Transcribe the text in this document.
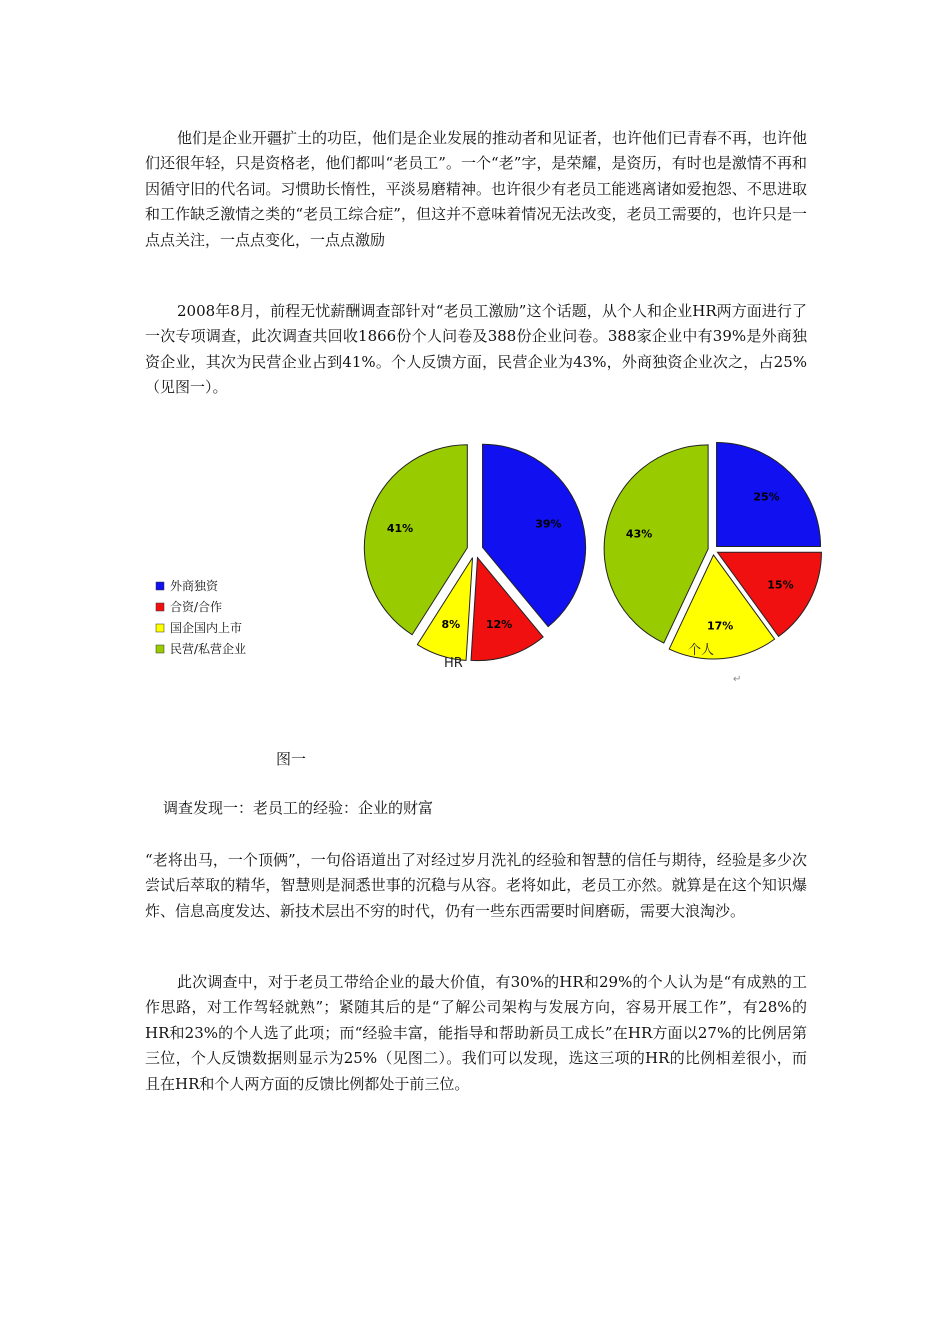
他们是企业开疆扩土的功臣，他们是企业发展的推动者和见证者，也许他们已青春不再，也许他们还很年轻，只是资格老，他们都叫“老员工”。一个“老”字，是荣耀，是资历，有时也是激情不再和因循守旧的代名词。习惯助长惰性，平淡易磨精神。也许很少有老员工能逃离诸如爱抱怨、不思进取和工作缺乏激情之类的“老员工综合症”，但这并不意味着情况无法改变，老员工需要的，也许只是一点点关注，一点点变化，一点点激励

2008年8月，前程无忧薪酬调查部针对“老员工激励”这个话题，从个人和企业HR两方面进行了一次专项调查，此次调查共回收1866份个人问卷及388份企业问卷。388家企业中有39%是外商独资企业，其次为民营企业占到41%。个人反馈方面，民营企业为43%，外商独资企业次之，占25%（见图一）。

39%
12%
8%
41%
25%
15%
17%
43%
外商独资
合资/合作
国企国内上市
民营/私营企业
HR
个人
↵

图一

调查发现一：老员工的经验：企业的财富

“老将出马，一个顶俩”，一句俗语道出了对经过岁月洗礼的经验和智慧的信任与期待，经验是多少次尝试后萃取的精华，智慧则是洞悉世事的沉稳与从容。老将如此，老员工亦然。就算是在这个知识爆炸、信息高度发达、新技术层出不穷的时代，仍有一些东西需要时间磨砺，需要大浪淘沙。

此次调查中，对于老员工带给企业的最大价值，有30%的HR和29%的个人认为是“有成熟的工作思路，对工作驾轻就熟”；紧随其后的是“了解公司架构与发展方向，容易开展工作”，有28%的HR和23%的个人选了此项；而“经验丰富，能指导和帮助新员工成长”在HR方面以27%的比例居第三位，个人反馈数据则显示为25%（见图二）。我们可以发现，选这三项的HR的比例相差很小，而且在HR和个人两方面的反馈比例都处于前三位。
